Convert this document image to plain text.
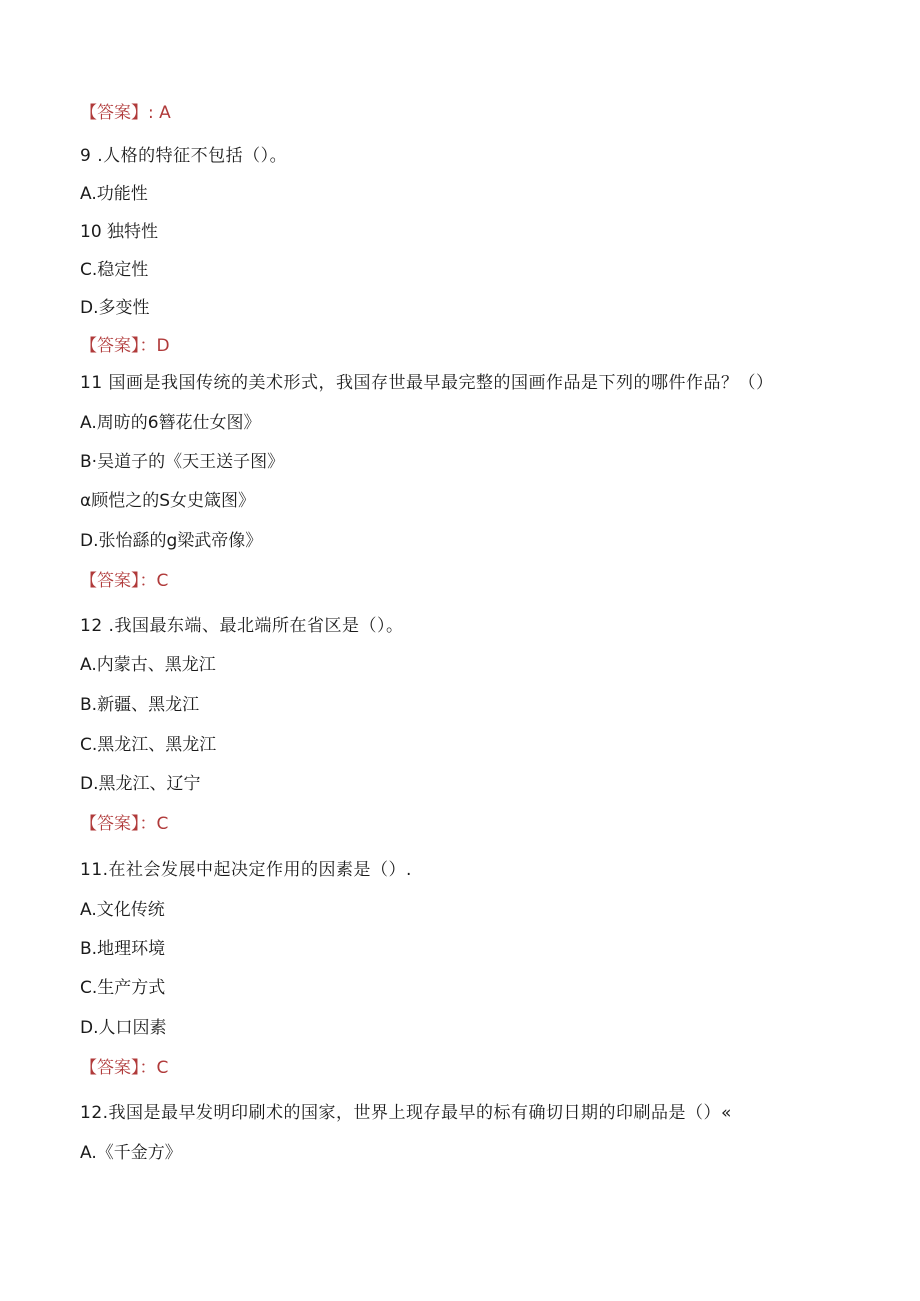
【答案】: A
9 .人格的特征不包括（）。
A.功能性
10 独特性
C.稳定性
D.多变性
【答案】：D
11 国画是我国传统的美术形式，我国存世最早最完整的国画作品是下列的哪件作品？（）
A.周昉的6簪花仕女图》
B·吴道子的《天王送子图》
α顾恺之的S女史箴图》
D.张怡繇的g梁武帝像》
【答案】：C
12 .我国最东端、最北端所在省区是（）。
A.内蒙古、黑龙江
B.新疆、黑龙江
C.黑龙江、黑龙江
D.黑龙江、辽宁
【答案】：C
11.在社会发展中起决定作用的因素是（）.
A.文化传统
B.地理环境
C.生产方式
D.人口因素
【答案】：C
12.我国是最早发明印刷术的国家，世界上现存最早的标有确切日期的印刷品是（）«
A.《千金方》
